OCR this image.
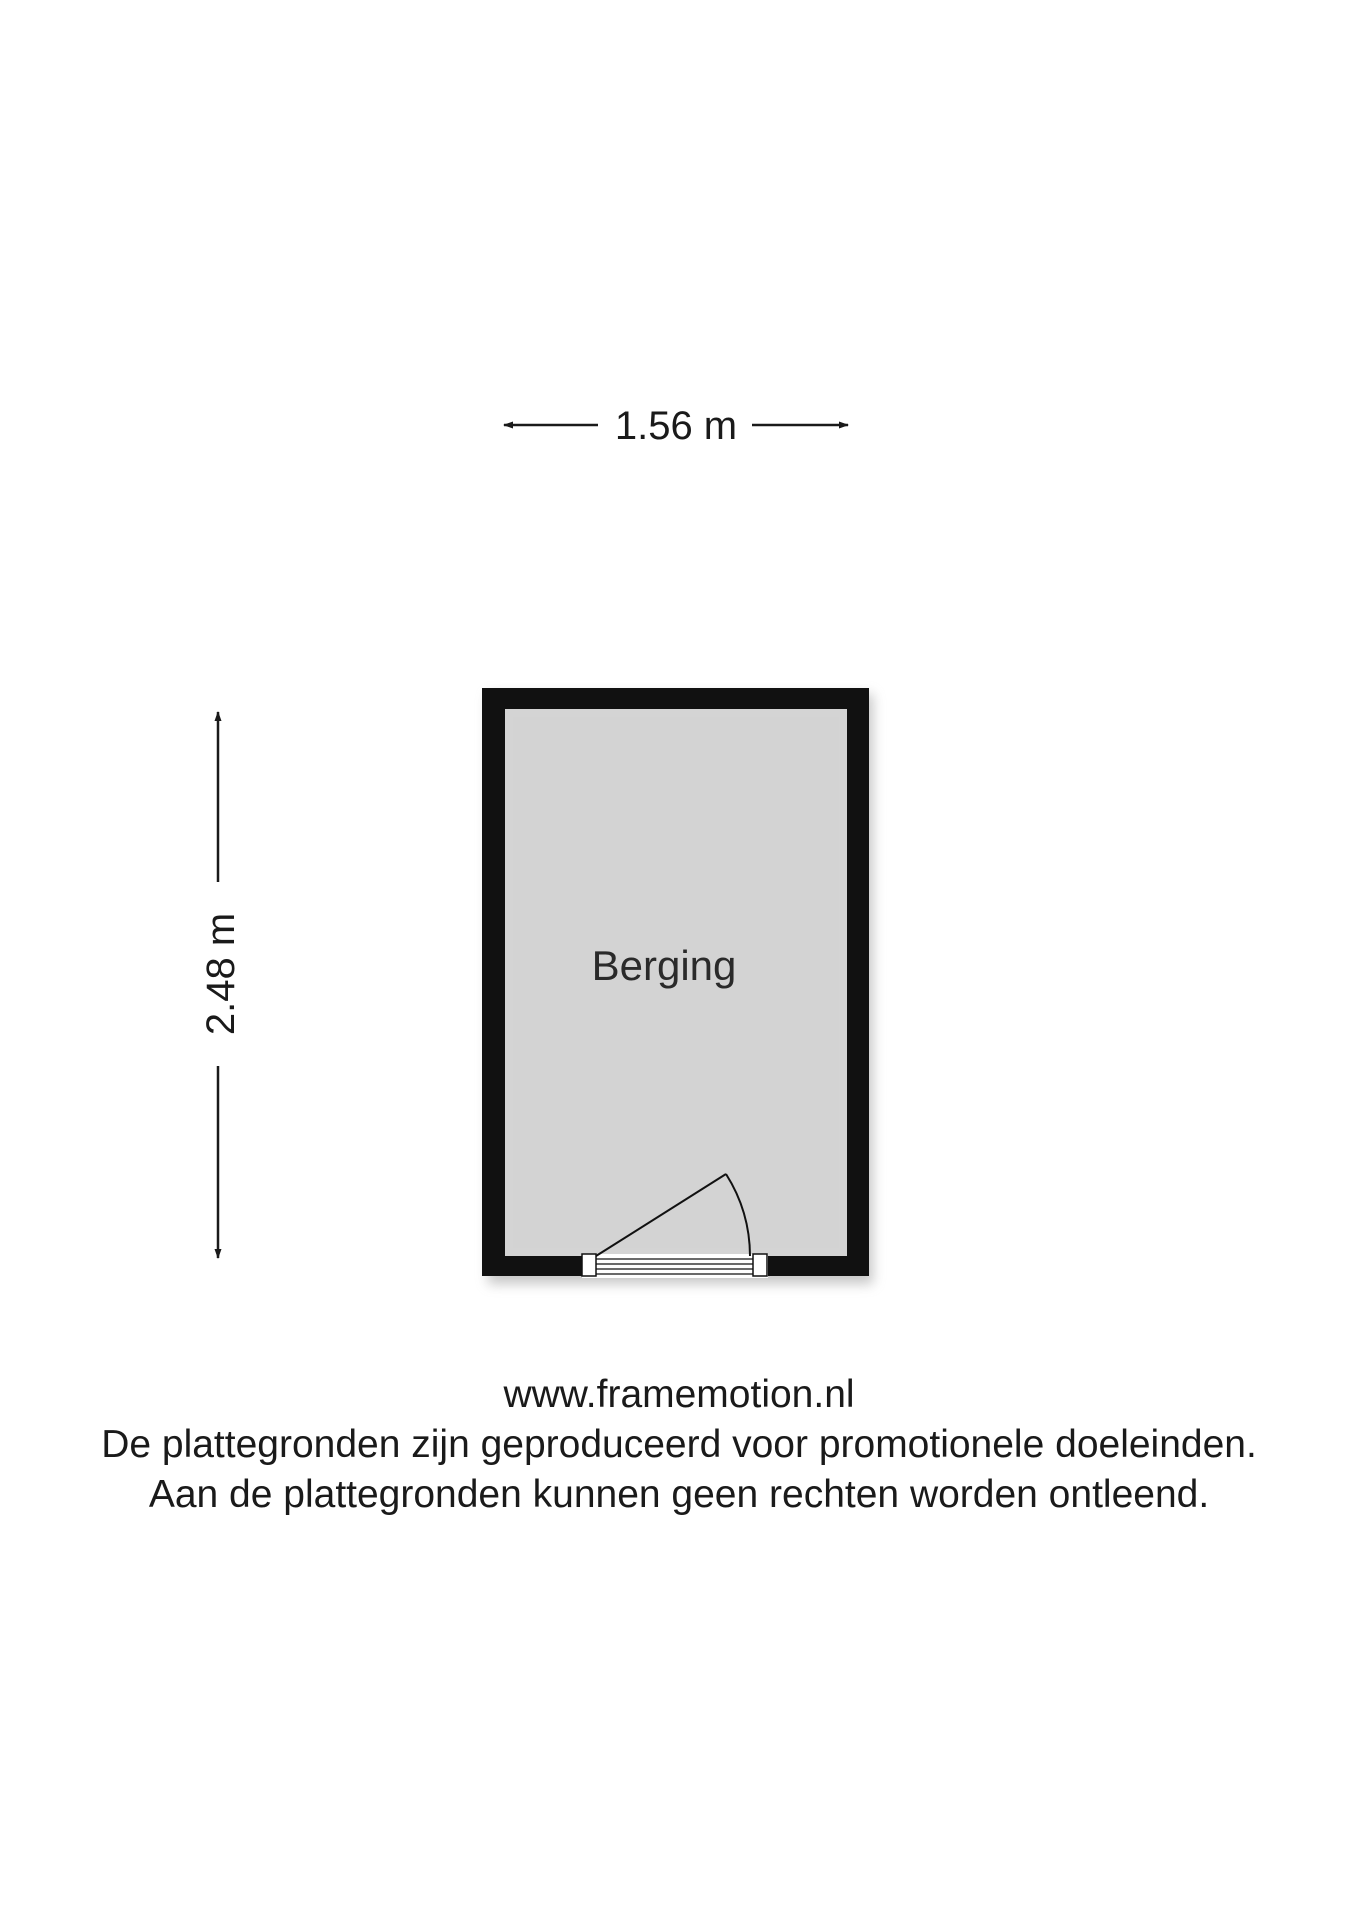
1.56 m
2.48 m	Berging
www.framemotion.nl
De plattegronden zijn geproduceerd voor promotionele doeleinden.
Aan de plattegronden kunnen geen rechten worden ontleend.
